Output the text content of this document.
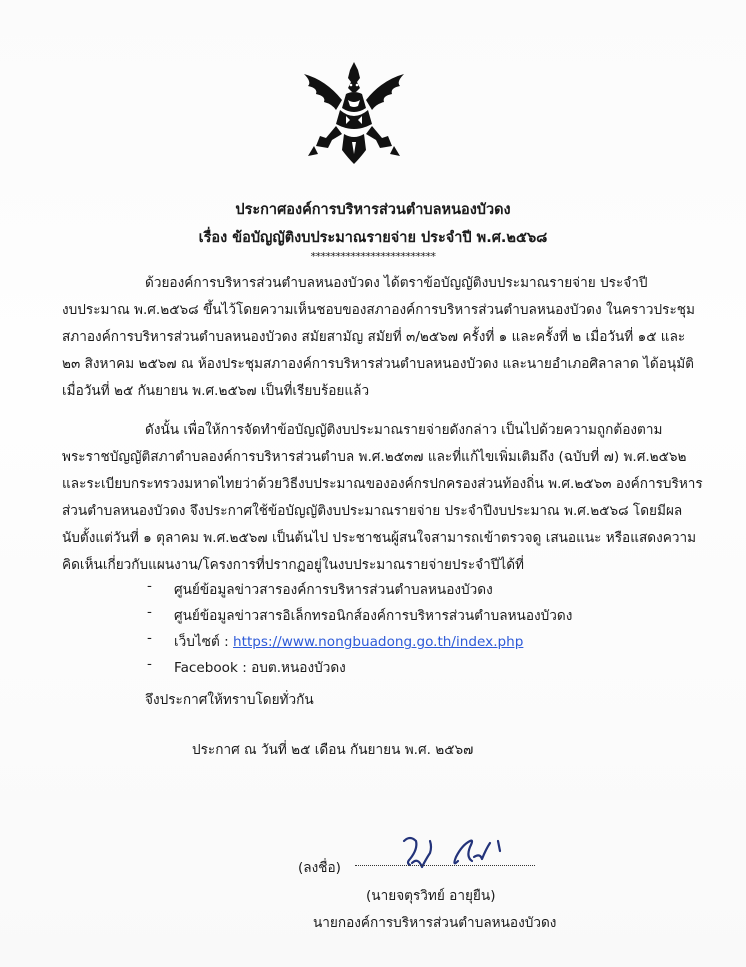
ประกาศองค์การบริหารส่วนตำบลหนองบัวดง
เรื่อง ข้อบัญญัติงบประมาณรายจ่าย ประจำปี พ.ศ.๒๕๖๘
*************************
ด้วยองค์การบริหารส่วนตำบลหนองบัวดง ได้ตราข้อบัญญัติงบประมาณรายจ่าย ประจำปี
งบประมาณ พ.ศ.๒๕๖๘ ขึ้นไว้โดยความเห็นชอบของสภาองค์การบริหารส่วนตำบลหนองบัวดง ในคราวประชุม
สภาองค์การบริหารส่วนตำบลหนองบัวดง สมัยสามัญ สมัยที่ ๓/๒๕๖๗ ครั้งที่ ๑ และครั้งที่ ๒ เมื่อวันที่ ๑๕ และ
๒๓ สิงหาคม ๒๕๖๗ ณ ห้องประชุมสภาองค์การบริหารส่วนตำบลหนองบัวดง และนายอำเภอศิลาลาด ได้อนุมัติ
เมื่อวันที่ ๒๕ กันยายน พ.ศ.๒๕๖๗ เป็นที่เรียบร้อยแล้ว
ดังนั้น เพื่อให้การจัดทำข้อบัญญัติงบประมาณรายจ่ายดังกล่าว เป็นไปด้วยความถูกต้องตาม
พระราชบัญญัติสภาตำบลองค์การบริหารส่วนตำบล พ.ศ.๒๕๓๗ และที่แก้ไขเพิ่มเติมถึง (ฉบับที่ ๗) พ.ศ.๒๕๖๒
และระเบียบกระทรวงมหาดไทยว่าด้วยวิธีงบประมาณขององค์กรปกครองส่วนท้องถิ่น พ.ศ.๒๕๖๓ องค์การบริหาร
ส่วนตำบลหนองบัวดง จึงประกาศใช้ข้อบัญญัติงบประมาณรายจ่าย ประจำปีงบประมาณ พ.ศ.๒๕๖๘ โดยมีผล
นับตั้งแต่วันที่ ๑ ตุลาคม พ.ศ.๒๕๖๗ เป็นต้นไป ประชาชนผู้สนใจสามารถเข้าตรวจดู เสนอแนะ หรือแสดงความ
คิดเห็นเกี่ยวกับแผนงาน/โครงการที่ปรากฏอยู่ในงบประมาณรายจ่ายประจำปีได้ที่
- ศูนย์ข้อมูลข่าวสารองค์การบริหารส่วนตำบลหนองบัวดง
- ศูนย์ข้อมูลข่าวสารอิเล็กทรอนิกส์องค์การบริหารส่วนตำบลหนองบัวดง
- เว็บไซต์ : https://www.nongbuadong.go.th/index.php
- Facebook : อบต.หนองบัวดง
จึงประกาศให้ทราบโดยทั่วกัน
ประกาศ ณ วันที่ ๒๕ เดือน กันยายน พ.ศ. ๒๕๖๗
(ลงชื่อ)
(นายจตุรวิทย์ อายุยืน)
นายกองค์การบริหารส่วนตำบลหนองบัวดง
